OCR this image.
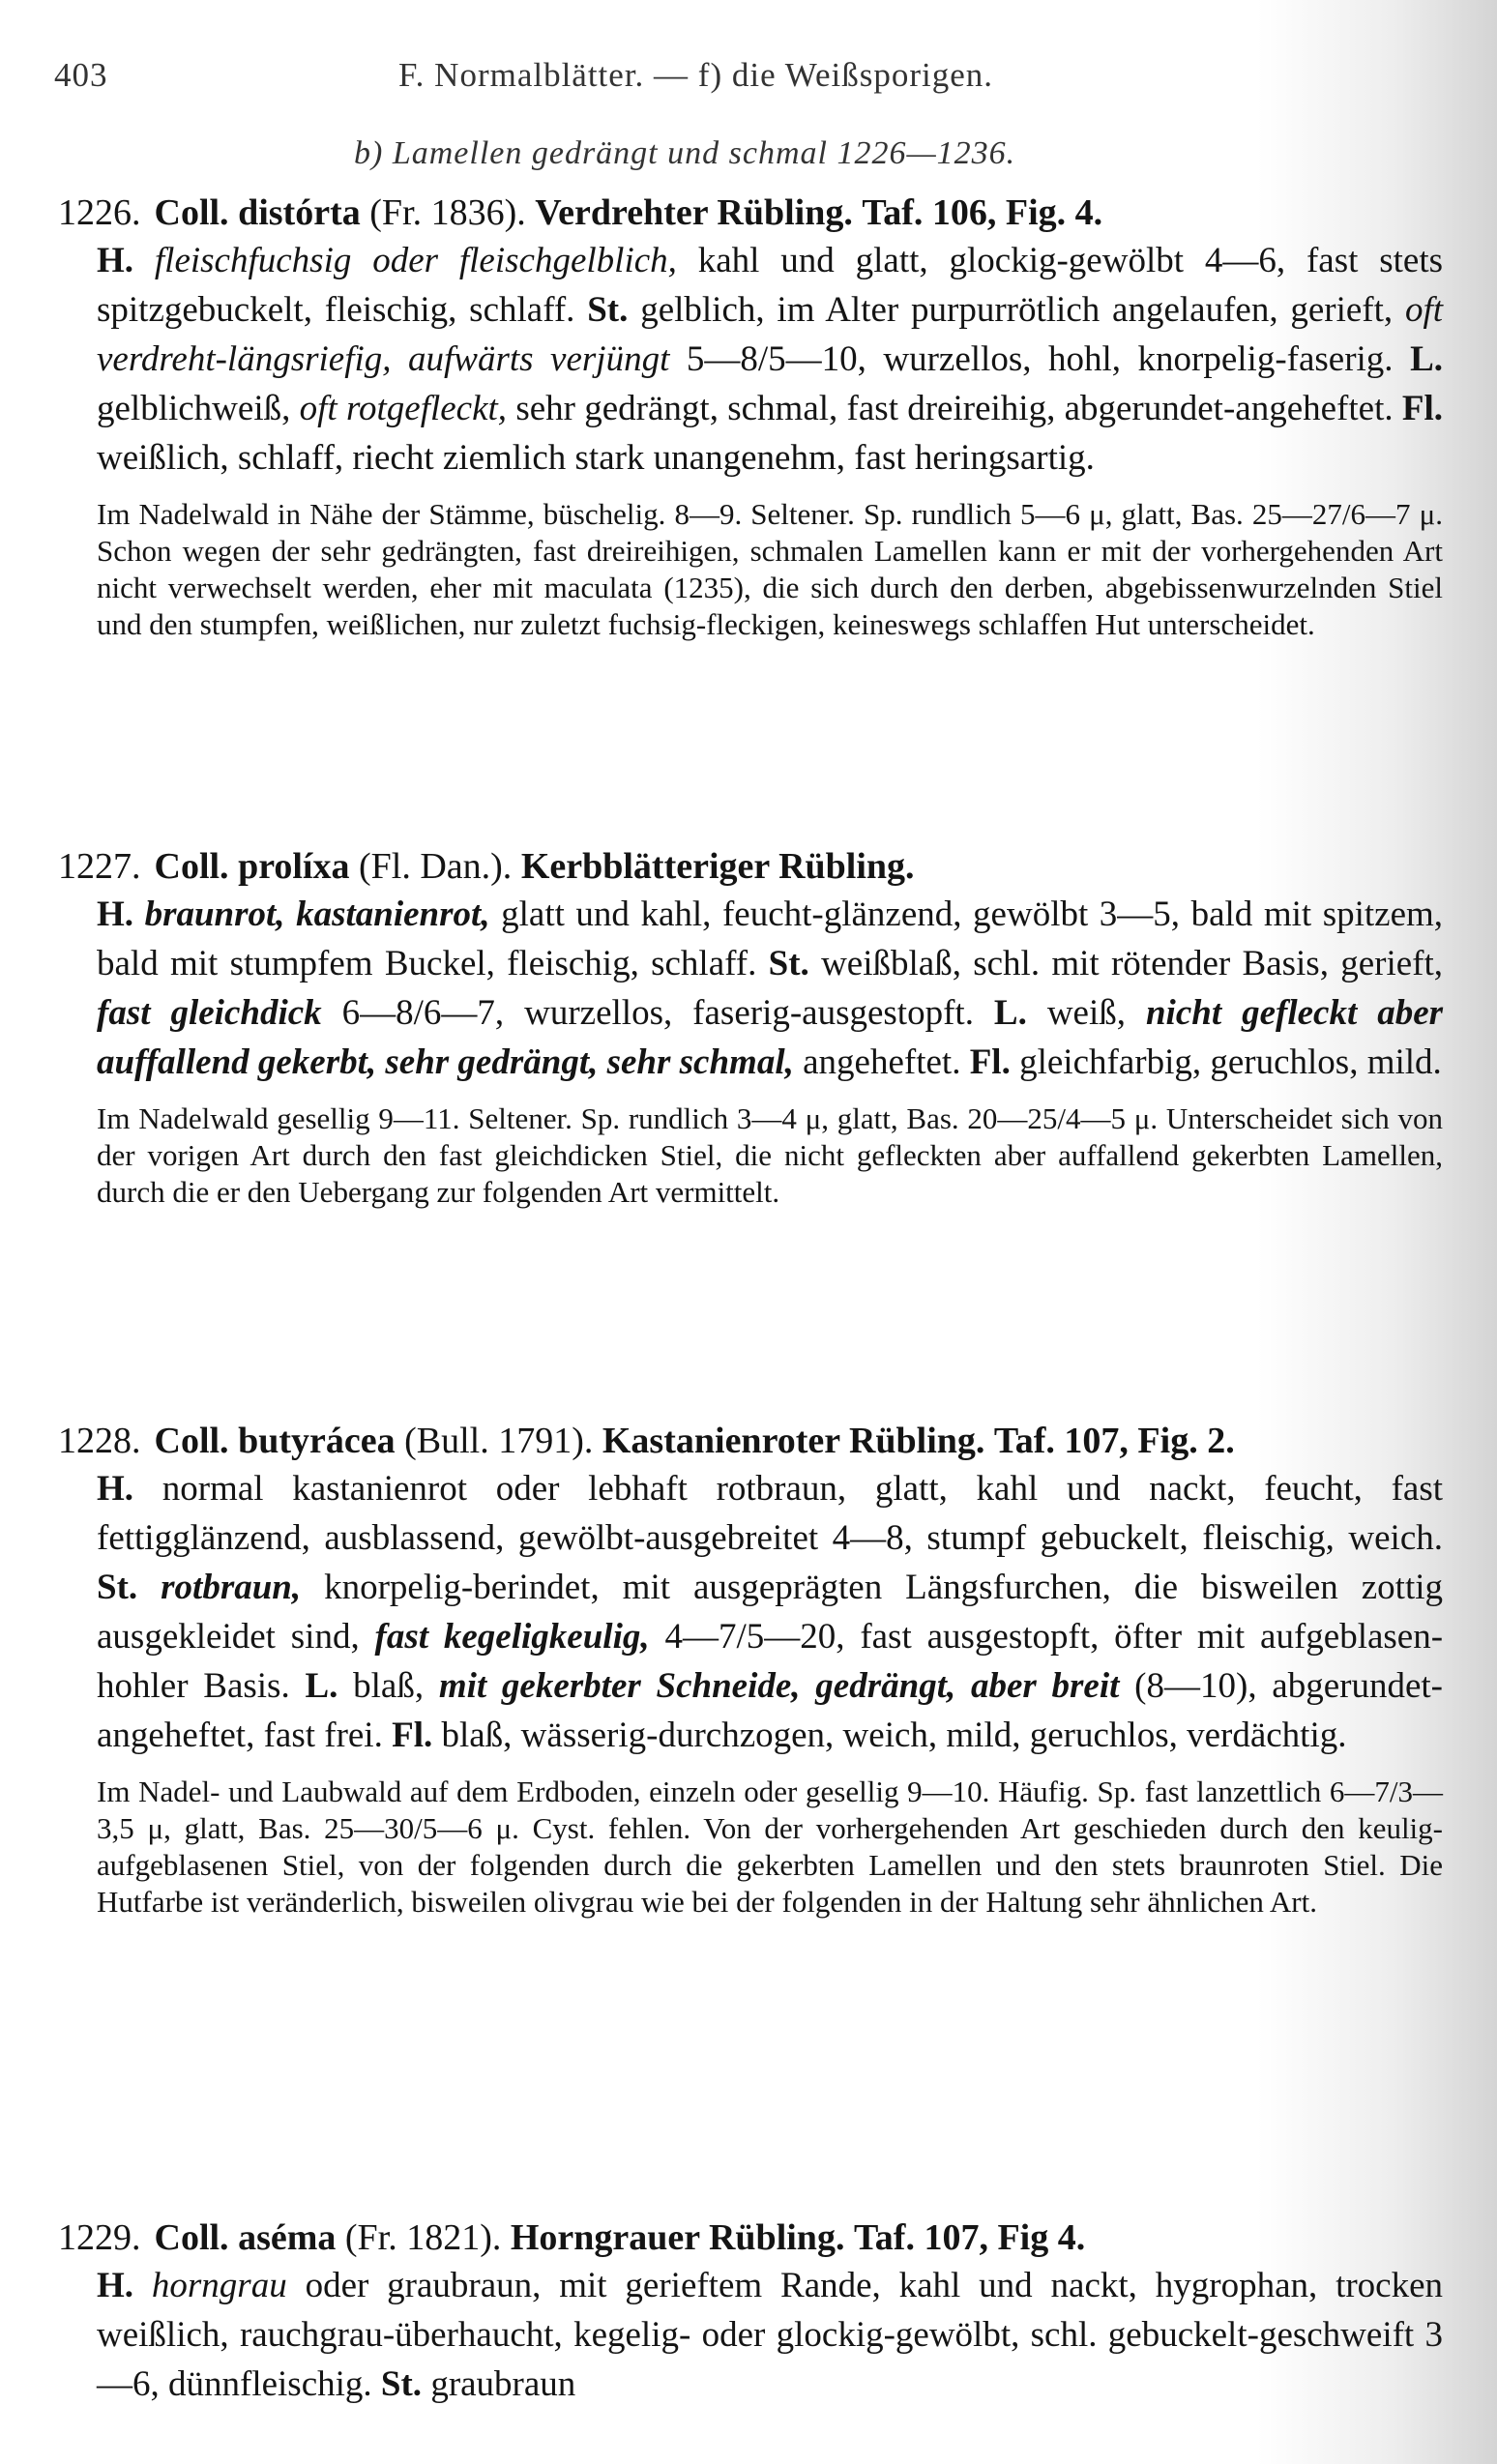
403	F. Normalblätter. — f) die Weißsporigen.
b) Lamellen gedrängt und schmal 1226—1236.
1226. Coll. distórta (Fr. 1836). Verdrehter Rübling. Taf. 106, Fig. 4.

H. fleischfuchsig oder fleischgelblich, kahl und glatt, glockig-gewölbt 4—6, fast stets spitzgebuckelt, fleischig, schlaff. St. gelblich, im Alter purpurrötlich angelaufen, gerieft, oft verdreht-längsriefig, aufwärts verjüngt 5—8/5—10, wurzellos, hohl, knorpelig-faserig. L. gelblichweiß, oft rotgefleckt, sehr gedrängt, schmal, fast dreireihig, abgerundet-angeheftet. Fl. weißlich, schlaff, riecht ziemlich stark unangenehm, fast heringsartig.

Im Nadelwald in Nähe der Stämme, büschelig. 8—9. Seltener. Sp. rundlich 5—6 μ, glatt, Bas. 25—27/6—7 μ. Schon wegen der sehr gedrängten, fast dreireihigen, schmalen Lamellen kann er mit der vorhergehenden Art nicht verwechselt werden, eher mit maculata (1235), die sich durch den derben, abgebissenwurzelnden Stiel und den stumpfen, weißlichen, nur zuletzt fuchsig-fleckigen, keineswegs schlaffen Hut unterscheidet.

1227. Coll. prolíxa (Fl. Dan.). Kerbblätteriger Rübling.

H. braunrot, kastanienrot, glatt und kahl, feucht-glänzend, gewölbt 3—5, bald mit spitzem, bald mit stumpfem Buckel, fleischig, schlaff. St. weißblaß, schl. mit rötender Basis, gerieft, fast gleichdick 6—8/6—7, wurzellos, faserig-ausgestopft. L. weiß, nicht gefleckt aber auffallend gekerbt, sehr gedrängt, sehr schmal, angeheftet. Fl. gleichfarbig, geruchlos, mild.

Im Nadelwald gesellig 9—11. Seltener. Sp. rundlich 3—4 μ, glatt, Bas. 20—25/4—5 μ. Unterscheidet sich von der vorigen Art durch den fast gleichdicken Stiel, die nicht gefleckten aber auffallend gekerbten Lamellen, durch die er den Uebergang zur folgenden Art vermittelt.

1228. Coll. butyrácea (Bull. 1791). Kastanienroter Rübling. Taf. 107, Fig. 2.

H. normal kastanienrot oder lebhaft rotbraun, glatt, kahl und nackt, feucht, fast fettigglänzend, ausblassend, gewölbt-ausgebreitet 4—8, stumpf gebuckelt, fleischig, weich. St. rotbraun, knorpelig-berindet, mit ausgeprägten Längsfurchen, die bisweilen zottig ausgekleidet sind, fast kegeligkeulig, 4—7/5—20, fast ausgestopft, öfter mit aufgeblasen-hohler Basis. L. blaß, mit gekerbter Schneide, gedrängt, aber breit (8—10), abgerundet-angeheftet, fast frei. Fl. blaß, wässerig-durchzogen, weich, mild, geruchlos, verdächtig.

Im Nadel- und Laubwald auf dem Erdboden, einzeln oder gesellig 9—10. Häufig. Sp. fast lanzettlich 6—7/3—3,5 μ, glatt, Bas. 25—30/5—6 μ. Cyst. fehlen. Von der vorhergehenden Art geschieden durch den keulig-aufgeblasenen Stiel, von der folgenden durch die gekerbten Lamellen und den stets braunroten Stiel. Die Hutfarbe ist veränderlich, bisweilen olivgrau wie bei der folgenden in der Haltung sehr ähnlichen Art.

1229. Coll. aséma (Fr. 1821). Horngrauer Rübling. Taf. 107, Fig 4.

H. horngrau oder graubraun, mit gerieftem Rande, kahl und nackt, hygrophan, trocken weißlich, rauchgrau-überhaucht, kegelig- oder glockig-gewölbt, schl. gebuckelt-geschweift 3—6, dünnfleischig. St. graubraun
